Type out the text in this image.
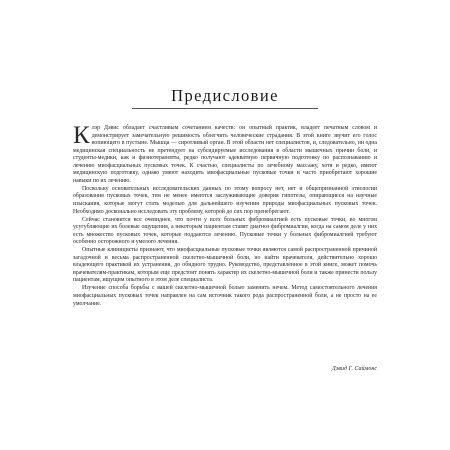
Предисловие

Клэр Дэвис обладает счастливым сочетанием качеств: он опытный практик, владеет печатным словом и демонстрирует замечательную решимость облегчить человеческие страдания. В этой книге звучит его голос вопиющего в пустыне. Мышца — сиротливый орган. В этой области нет специалистов, и, следовательно, ни одна медицинская специальность не претендует на субсидируемые исследования в области мышечных причин боли, и студенты-медики, как и физиотерапевты, редко получают адекватную первичную подготовку по распознаванию и лечению миофасциальных пусковых точек. К счастью, специалисты по лечебному массажу, хотя и редко, имеют медицинскую подготовку, однако умеют находить миофасциальные пусковые точки и часто приобретают хорошие навыки по их лечению.

Поскольку основательных исследовательских данных по этому вопросу нет, нет и общепризнанной этиологии образования пусковых точек, тем не менее имеются заслуживающие доверия гипотезы, опирающиеся на научные изыскания, которые могут стать моделью для дальнейшего изучения природы миофасциальных пусковых точек. Необходимо досконально исследовать эту проблему, которой до сих пор пренебрегают.

Сейчас становится все очевиднее, что почти у всех больных фибромиалгией есть пусковые точки, во многом усугубляющие их болевые ощущения, а некоторым пациентам ставят диагноз фибромиалгии, когда на самом деле у них есть множество пусковых точек, которые поддаются лечению. Пусковые точки у больных фибромиалгией требуют особенно осторожного и умелого лечения.

Опытные клиницисты признают, что миофасциальные пусковые точки являются самой распространенной причиной загадочной и весьма распространенной скелетно-мышечной боли, но найти врачевателя, действительно хорошо владеющего практикой их устранения, до обидного трудно. Руководство, представленное в этой книге, может помочь врачевателям-практикам, которым еще предстоит понять характер их скелетно-мышечной боли и также принести пользу пациентам, ищущим опытного в этом деле специалиста.

Изучение способа борьбы с вашей скелетно-мышечной болью заменить нечем. Метод самостоятельного лечения миофасциальных пусковых точек направлен на сам источник такого рода распространенной боли, а не просто на ее умолчание.

Дэвид Г. Саймонс
